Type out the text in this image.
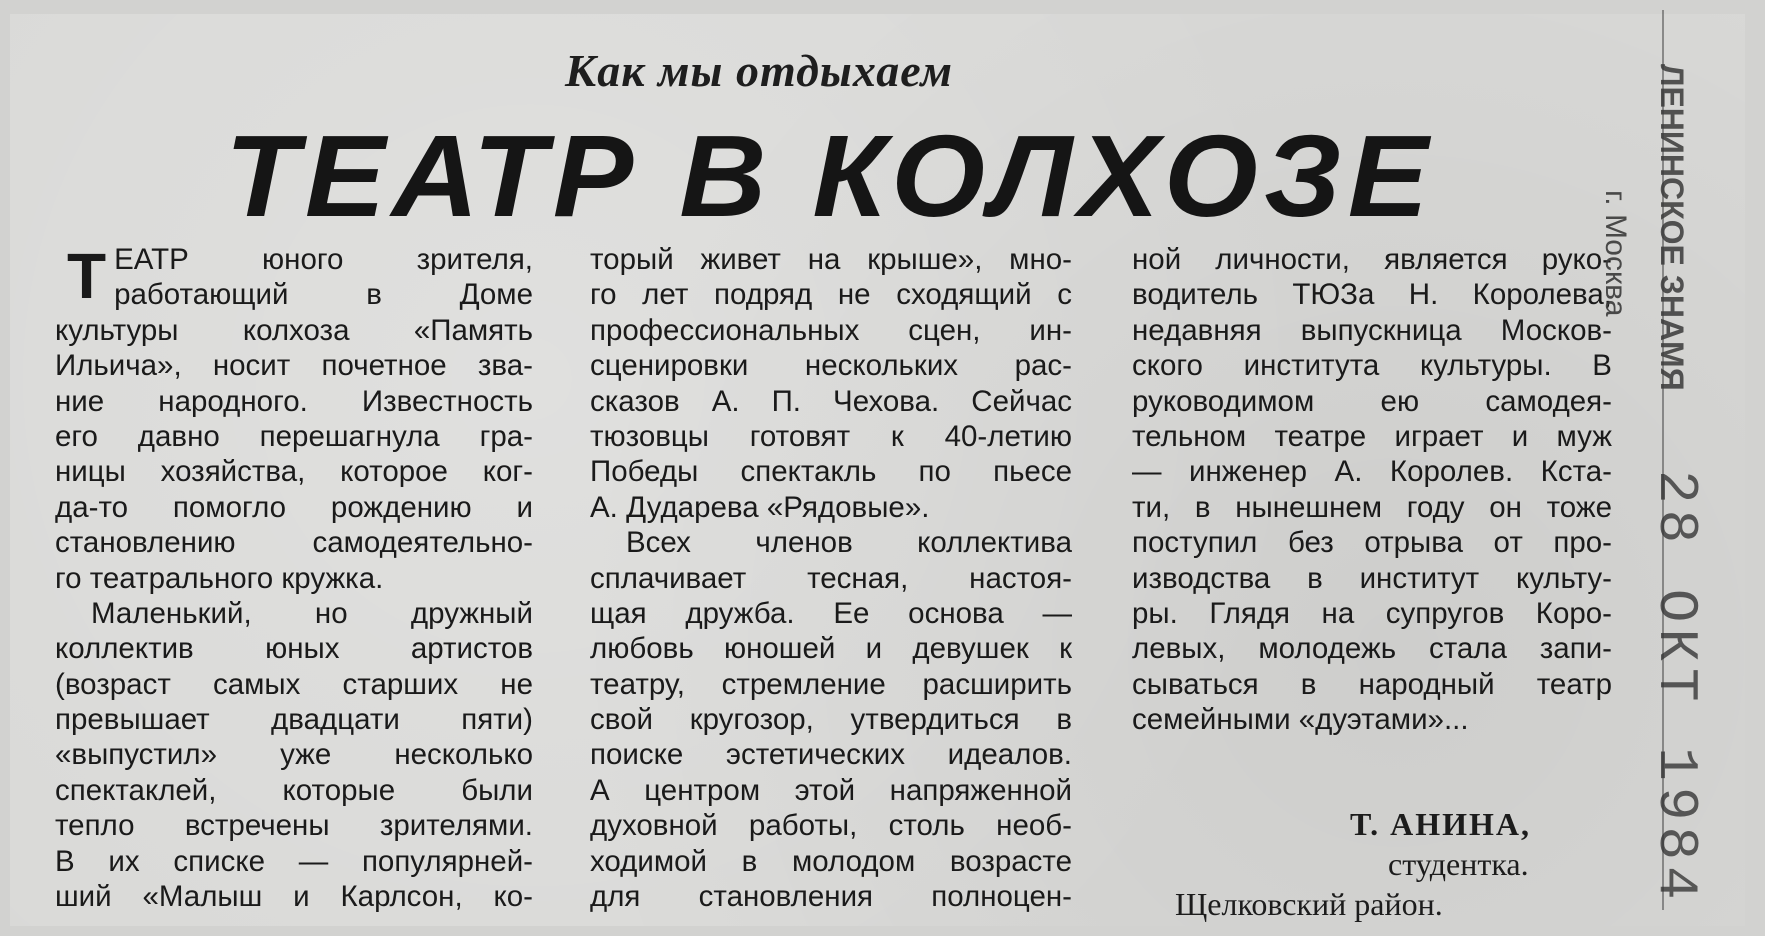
Как мы отдыхаем
ТЕАТР В КОЛХОЗЕ
Т ЕАТР юного зрителя,
работающий в Доме
культуры колхоза «Память
Ильича», носит почетное зва-
ние народного. Известность
его давно перешагнула гра-
ницы хозяйства, которое ког-
да-то помогло рождению и
становлению самодеятельно-
го театрального кружка.
Маленький, но дружный
коллектив юных артистов
(возраст самых старших не
превышает двадцати пяти)
«выпустил» уже несколько
спектаклей, которые были
тепло встречены зрителями.
В их списке — популярней-
ший «Малыш и Карлсон, ко-
торый живет на крыше», мно-
го лет подряд не сходящий с
профессиональных сцен, ин-
сценировки нескольких рас-
сказов А. П. Чехова. Сейчас
тюзовцы готовят к 40-летию
Победы спектакль по пьесе
А. Дударева «Рядовые».
Всех членов коллектива
сплачивает тесная, настоя-
щая дружба. Ее основа —
любовь юношей и девушек к
театру, стремление расширить
свой кругозор, утвердиться в
поиске эстетических идеалов.
А центром этой напряженной
духовной работы, столь необ-
ходимой в молодом возрасте
для становления полноцен-
ной личности, является руко-
водитель ТЮЗа Н. Королева,
недавняя выпускница Москов-
ского института культуры. В
руководимом ею самодея-
тельном театре играет и муж
— инженер А. Королев. Кста-
ти, в нынешнем году он тоже
поступил без отрыва от про-
изводства в институт культу-
ры. Глядя на супругов Коро-
левых, молодежь стала запи-
сываться в народный театр
семейными «дуэтами»...
Т. АНИНА,
студентка.
Щелковский район.
ЛЕНИНСКОЕ ЗНАМЯ
г. Москва
28 ОКТ 1984
